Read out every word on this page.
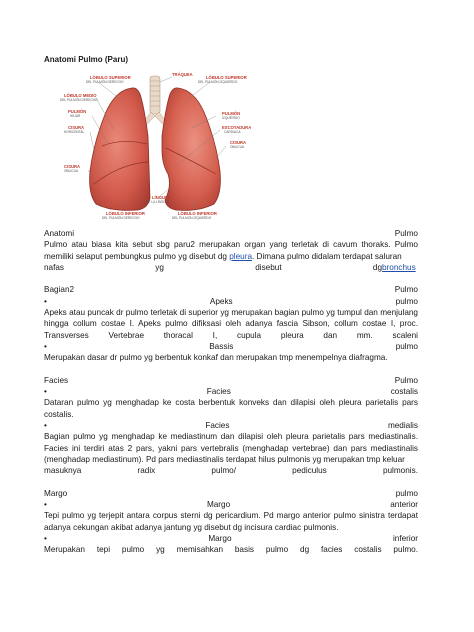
Anatomi Pulmo (Paru)
LÓBULO SUPERIOR
DEL PULMÓN DERECHO
TRÁQUEA
LÓBULO SUPERIOR
DEL PULMÓN IZQUIERDO
LÓBULO MEDIO
DEL PULMÓN DERECHO
PULMÓN
HILIAR	PULMÓN
IZQUIERDO
CISURA
HORIZONTAL
ESCOTADURA
CARDIACA
CISURA
OBLICUA
CISURA
OBLICUA
LÍNGULA
DE LA LÍNGULA
LÓBULO INFERIOR
DEL PULMÓN DERECHO
LÓBULO INFERIOR
DEL PULMÓN IZQUIERDO
Anatomi	Pulmo
Pulmo atau biasa kita sebut sbg paru2 merupakan organ yang terletak di cavum thoraks. Pulmo memiliki selaput pembungkus pulmo yg disebut dg pleura. Dimana pulmo didalam terdapat saluran
nafas	yg	disebut	dgbronchus
Bagian2	Pulmo
•	Apeks	pulmo
Apeks atau puncak dr pulmo terletak di superior yg merupakan bagian pulmo yg tumpul dan menjulang hingga collum costae I. Apeks pulmo difiksasi oleh adanya fascia Sibson, collum costae I, proc. Transverses Vertebrae thoracal I, cupula pleura dan mm. scaleni
•	Bassis	pulmo
Merupakan dasar dr pulmo yg berbentuk konkaf dan merupakan tmp menempelnya diafragma.
Facies	Pulmo
•	Facies	costalis
Dataran pulmo yg menghadap ke costa berbentuk konveks dan dilapisi oleh pleura parietalis pars costalis.
•	Facies	medialis
Bagian pulmo yg menghadap ke mediastinum dan dilapisi oleh pleura parietalis pars mediastinalis. Facies ini terdiri atas 2 pars, yakni pars vertebralis (menghadap vertebrae) dan pars mediastinalis (menghadap mediastinum). Pd pars mediastinalis terdapat hilus pulmonis yg merupakan tmp keluar
masuknya	radix	pulmo/	pediculus	pulmonis.
Margo	pulmo
•	Margo	anterior
Tepi pulmo yg terjepit antara corpus sterni dg pericardium. Pd margo anterior pulmo sinistra terdapat adanya cekungan akibat adanya jantung yg disebut dg incisura cardiac pulmonis.
•	Margo	inferior
Merupakan tepi pulmo yg memisahkan basis pulmo dg facies costalis pulmo.
